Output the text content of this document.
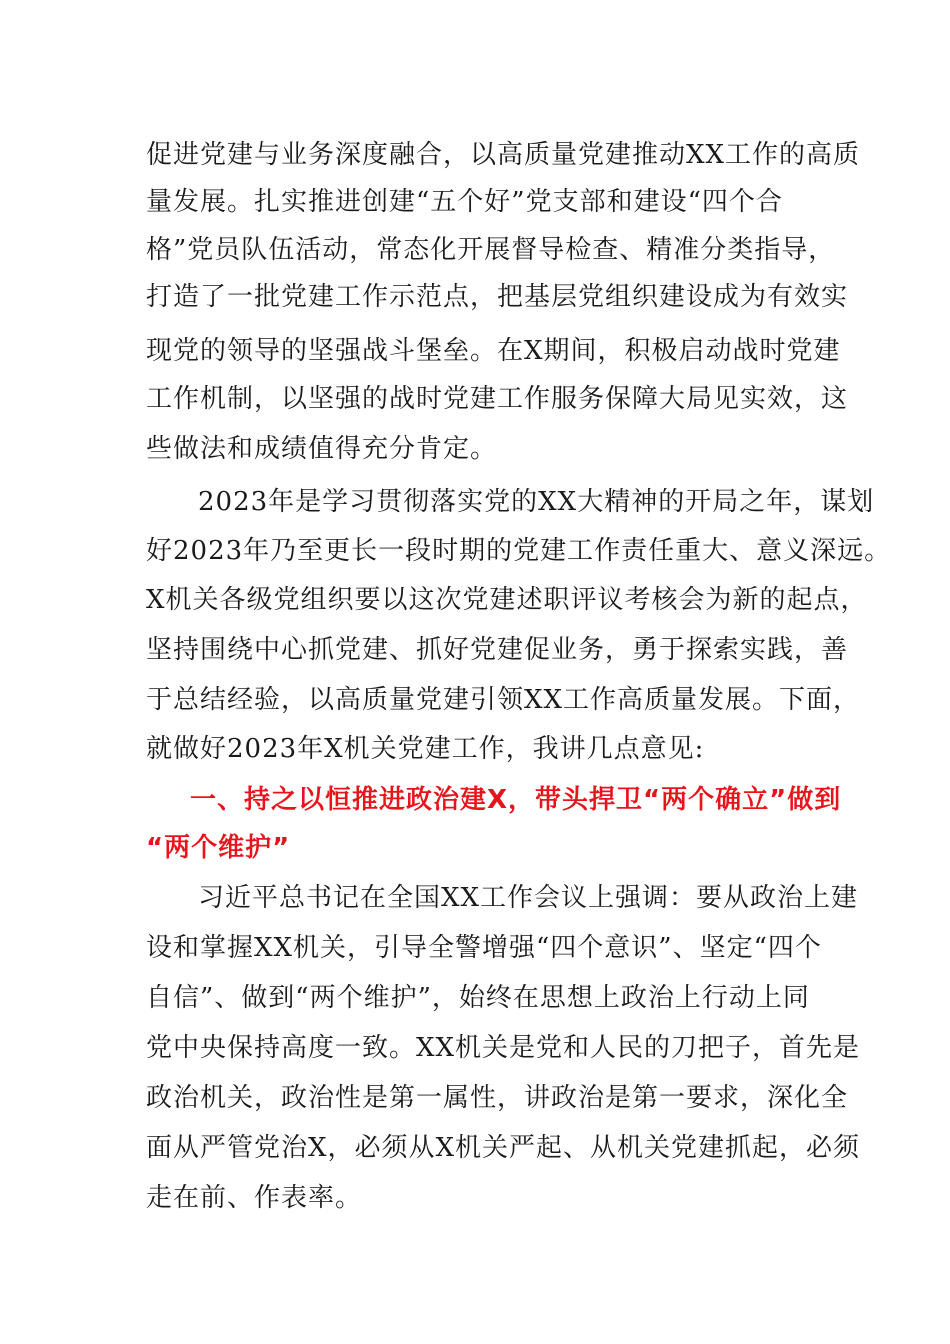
促进党建与业务深度融合，以高质量党建推动XX工作的高质
量发展。扎实推进创建“五个好”党支部和建设“四个合
格”党员队伍活动，常态化开展督导检查、精准分类指导，
打造了一批党建工作示范点，把基层党组织建设成为有效实
现党的领导的坚强战斗堡垒。在X期间，积极启动战时党建
工作机制，以坚强的战时党建工作服务保障大局见实效，这
些做法和成绩值得充分肯定。
2023年是学习贯彻落实党的XX大精神的开局之年，谋划
好2023年乃至更长一段时期的党建工作责任重大、意义深远。
X机关各级党组织要以这次党建述职评议考核会为新的起点，
坚持围绕中心抓党建、抓好党建促业务，勇于探索实践，善
于总结经验，以高质量党建引领XX工作高质量发展。下面，
就做好2023年X机关党建工作，我讲几点意见:
一、持之以恒推进政治建X，带头捍卫“两个确立”做到
“两个维护”
习近平总书记在全国XX工作会议上强调：要从政治上建
设和掌握XX机关，引导全警增强“四个意识”、坚定“四个
自信”、做到“两个维护”，始终在思想上政治上行动上同
党中央保持高度一致。XX机关是党和人民的刀把子，首先是
政治机关，政治性是第一属性，讲政治是第一要求，深化全
面从严管党治X，必须从X机关严起、从机关党建抓起，必须
走在前、作表率。
